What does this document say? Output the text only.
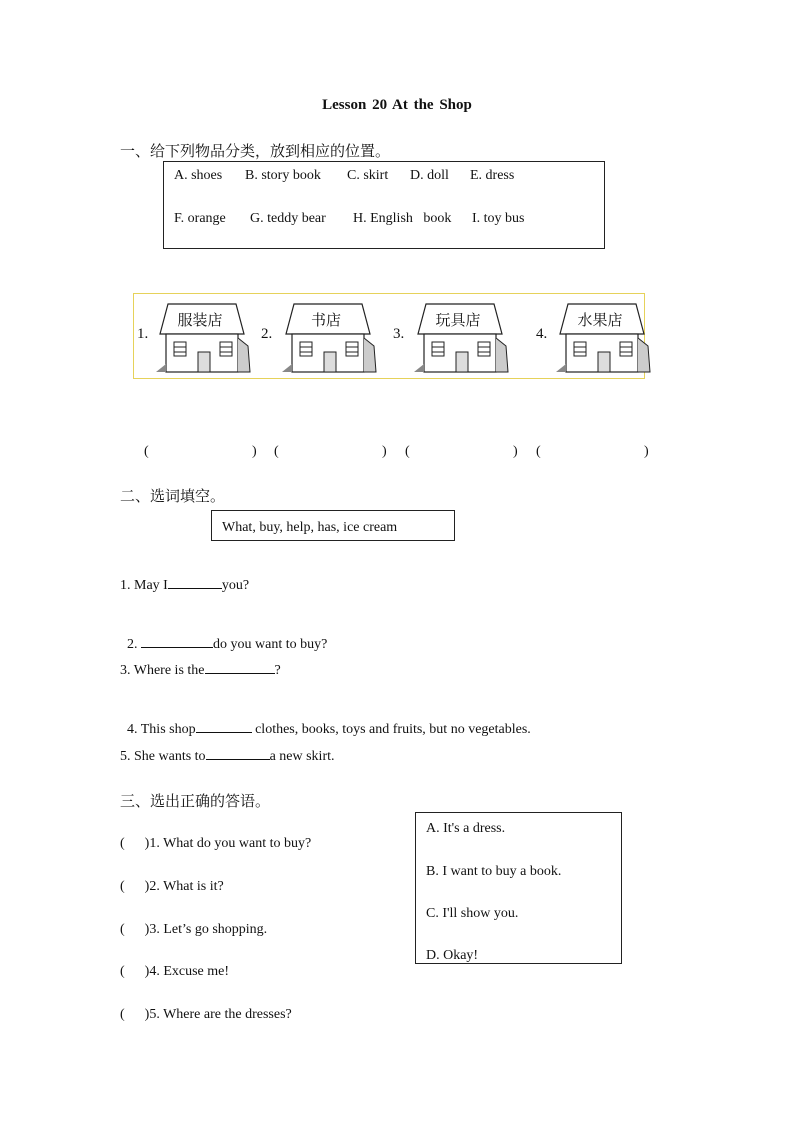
Lesson 20 At the Shop
一、给下列物品分类，放到相应的位置。
A. shoes B. story book C. skirt D. doll E. dress
F. orange G. teddy bear H. English   book I. toy bus
1.
服装店
2.
书店
3.
玩具店
4.
水果店
(	) (	) (	) (	)
二、选词填空。
What, buy, help, has, ice cream
1. May I	you?

2.	do you want to buy?

3. Where is the	?

4. This shop	clothes, books, toys and fruits, but no vegetables.

5. She wants to	a new skirt.
三、选出正确的答语。
( )1. What do you want to buy?
( )2. What is it?
( )3. Let’s go shopping.
( )4. Excuse me!
( )5. Where are the dresses?
A. It's a dress.
B. I want to buy a book.
C. I'll show you.
D. Okay!
